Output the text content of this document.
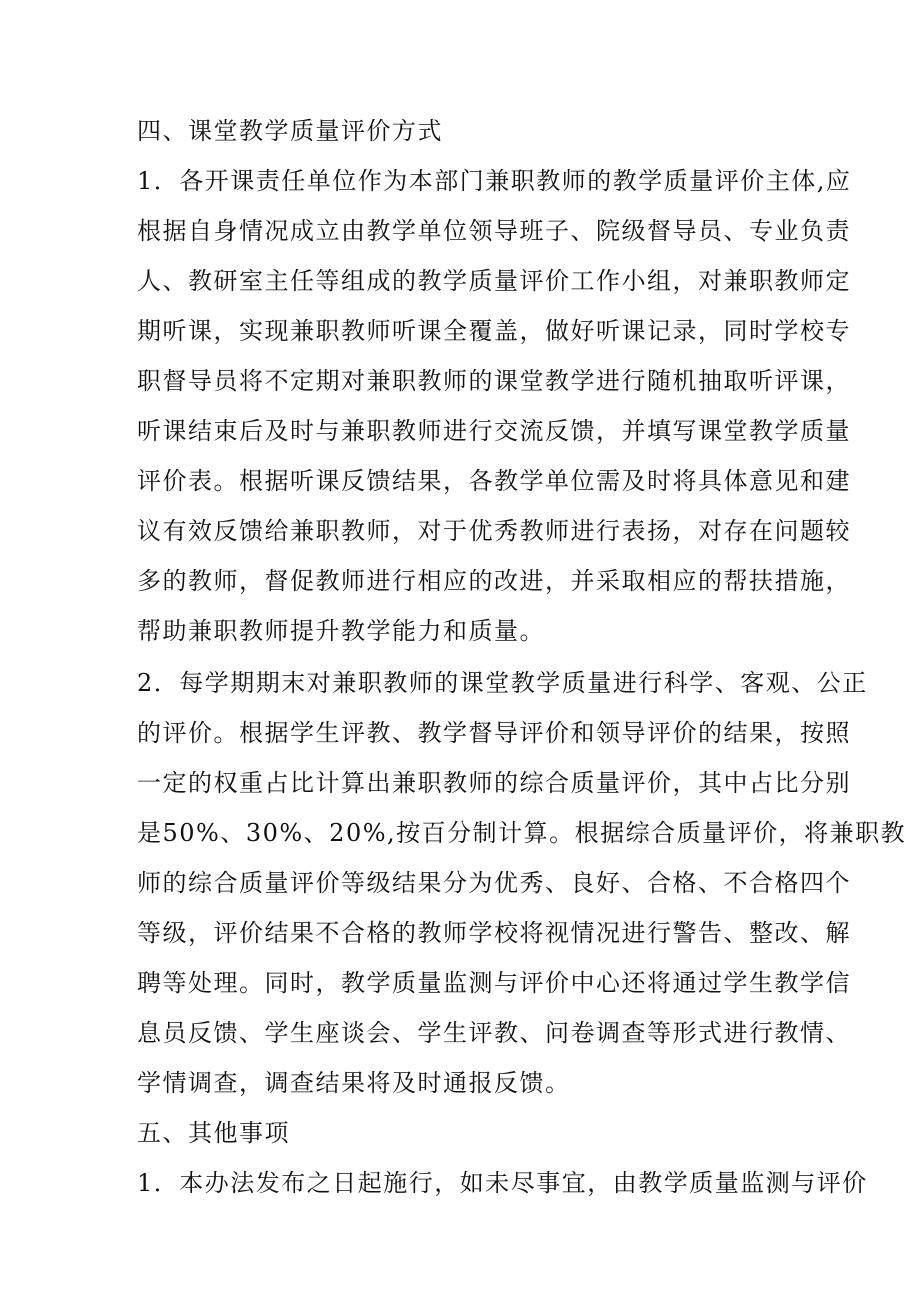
四、课堂教学质量评价方式
1．各开课责任单位作为本部门兼职教师的教学质量评价主体,应
根据自身情况成立由教学单位领导班子、院级督导员、专业负责
人、教研室主任等组成的教学质量评价工作小组，对兼职教师定
期听课，实现兼职教师听课全覆盖，做好听课记录，同时学校专
职督导员将不定期对兼职教师的课堂教学进行随机抽取听评课，
听课结束后及时与兼职教师进行交流反馈，并填写课堂教学质量
评价表。根据听课反馈结果，各教学单位需及时将具体意见和建
议有效反馈给兼职教师，对于优秀教师进行表扬，对存在问题较
多的教师，督促教师进行相应的改进，并采取相应的帮扶措施，
帮助兼职教师提升教学能力和质量。
2．每学期期末对兼职教师的课堂教学质量进行科学、客观、公正
的评价。根据学生评教、教学督导评价和领导评价的结果，按照
一定的权重占比计算出兼职教师的综合质量评价，其中占比分别
是50%、30%、20%,按百分制计算。根据综合质量评价，将兼职教
师的综合质量评价等级结果分为优秀、良好、合格、不合格四个
等级，评价结果不合格的教师学校将视情况进行警告、整改、解
聘等处理。同时，教学质量监测与评价中心还将通过学生教学信
息员反馈、学生座谈会、学生评教、问卷调查等形式进行教情、
学情调查，调查结果将及时通报反馈。
五、其他事项
1．本办法发布之日起施行，如未尽事宜，由教学质量监测与评价
